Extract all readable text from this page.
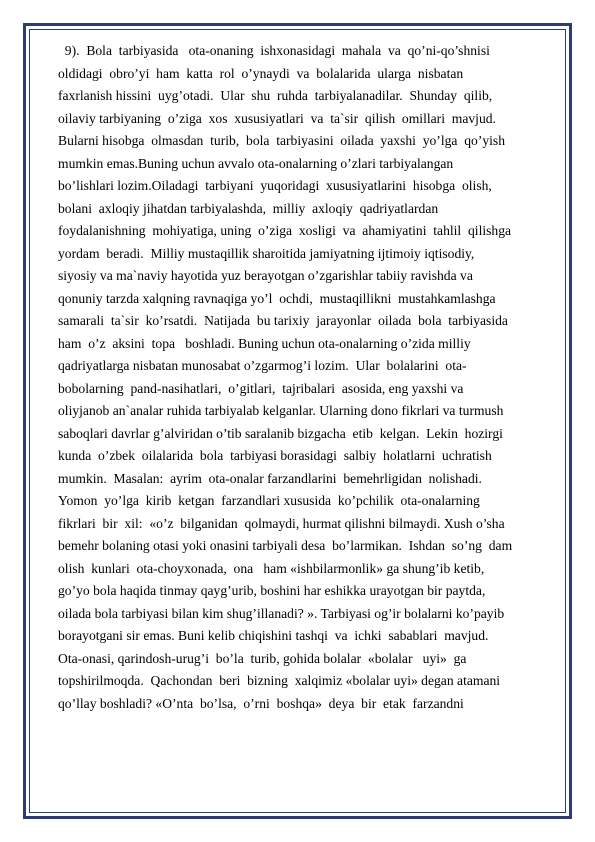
9).  Bola  tarbiyasida   ota-onaning  ishxonasidagi  mahala  va  qo’ni-qo’shnisi
oldidagi  obro’yi  ham  katta  rol  o’ynaydi  va  bolalarida  ularga  nisbatan
faxrlanish hissini  uyg’otadi.  Ular  shu  ruhda  tarbiyalanadilar.  Shunday  qilib,
oilaviy tarbiyaning  o’ziga  xos  xususiyatlari  va  ta`sir  qilish  omillari  mavjud.
Bularni hisobga  olmasdan  turib,  bola  tarbiyasini  oilada  yaxshi  yo’lga  qo’yish
mumkin emas.Buning uchun avvalo ota-onalarning o’zlari tarbiyalangan
bo’lishlari lozim.Oiladagi  tarbiyani  yuqoridagi  xususiyatlarini  hisobga  olish,
bolani  axloqiy jihatdan tarbiyalashda,  milliy  axloqiy  qadriyatlardan
foydalanishning  mohiyatiga, uning  o’ziga  xosligi  va  ahamiyatini  tahlil  qilishga
yordam  beradi.  Milliy mustaqillik sharoitida jamiyatning ijtimoiy iqtisodiy,
siyosiy va ma`naviy hayotida yuz berayotgan o’zgarishlar tabiiy ravishda va
qonuniy tarzda xalqning ravnaqiga yo’l  ochdi,  mustaqillikni  mustahkamlashga
samarali  ta`sir  ko’rsatdi.  Natijada  bu tarixiy  jarayonlar  oilada  bola  tarbiyasida
ham  o’z  aksini  topa   boshladi. Buning uchun ota-onalarning o’zida milliy
qadriyatlarga nisbatan munosabat o’zgarmog’i lozim.  Ular  bolalarini  ota-
bobolarning  pand-nasihatlari,  o’gitlari,  tajribalari  asosida, eng yaxshi va
oliyjanob an`analar ruhida tarbiyalab kelganlar. Ularning dono fikrlari va turmush
saboqlari davrlar g’alviridan o’tib saralanib bizgacha  etib  kelgan.  Lekin  hozirgi
kunda  o’zbek  oilalarida  bola  tarbiyasi borasidagi  salbiy  holatlarni  uchratish
mumkin.  Masalan:  ayrim  ota-onalar farzandlarini  bemehrligidan  nolishadi.
Yomon  yo’lga  kirib  ketgan  farzandlari xususida  ko’pchilik  ota-onalarning
fikrlari  bir  xil:  «o’z  bilganidan  qolmaydi, hurmat qilishni bilmaydi. Xush o’sha
bemehr bolaning otasi yoki onasini tarbiyali desa  bo’larmikan.  Ishdan  so’ng  dam
olish  kunlari  ota-choyxonada,  ona   ham «ishbilarmonlik» ga shung’ib ketib,
go’yo bola haqida tinmay qayg’urib, boshini har eshikka urayotgan bir paytda,
oilada bola tarbiyasi bilan kim shug’illanadi? ». Tarbiyasi og’ir bolalarni ko’payib
borayotgani sir emas. Buni kelib chiqishini tashqi  va  ichki  sabablari  mavjud.
Ota-onasi, qarindosh-urug’i  bo’la  turib, gohida bolalar  «bolalar   uyi»  ga
topshirilmoqda.  Qachondan  beri  bizning  xalqimiz «bolalar uyi» degan atamani
qo’llay boshladi? «O’nta  bo’lsa,  o’rni  boshqa»  deya  bir  etak  farzandni
